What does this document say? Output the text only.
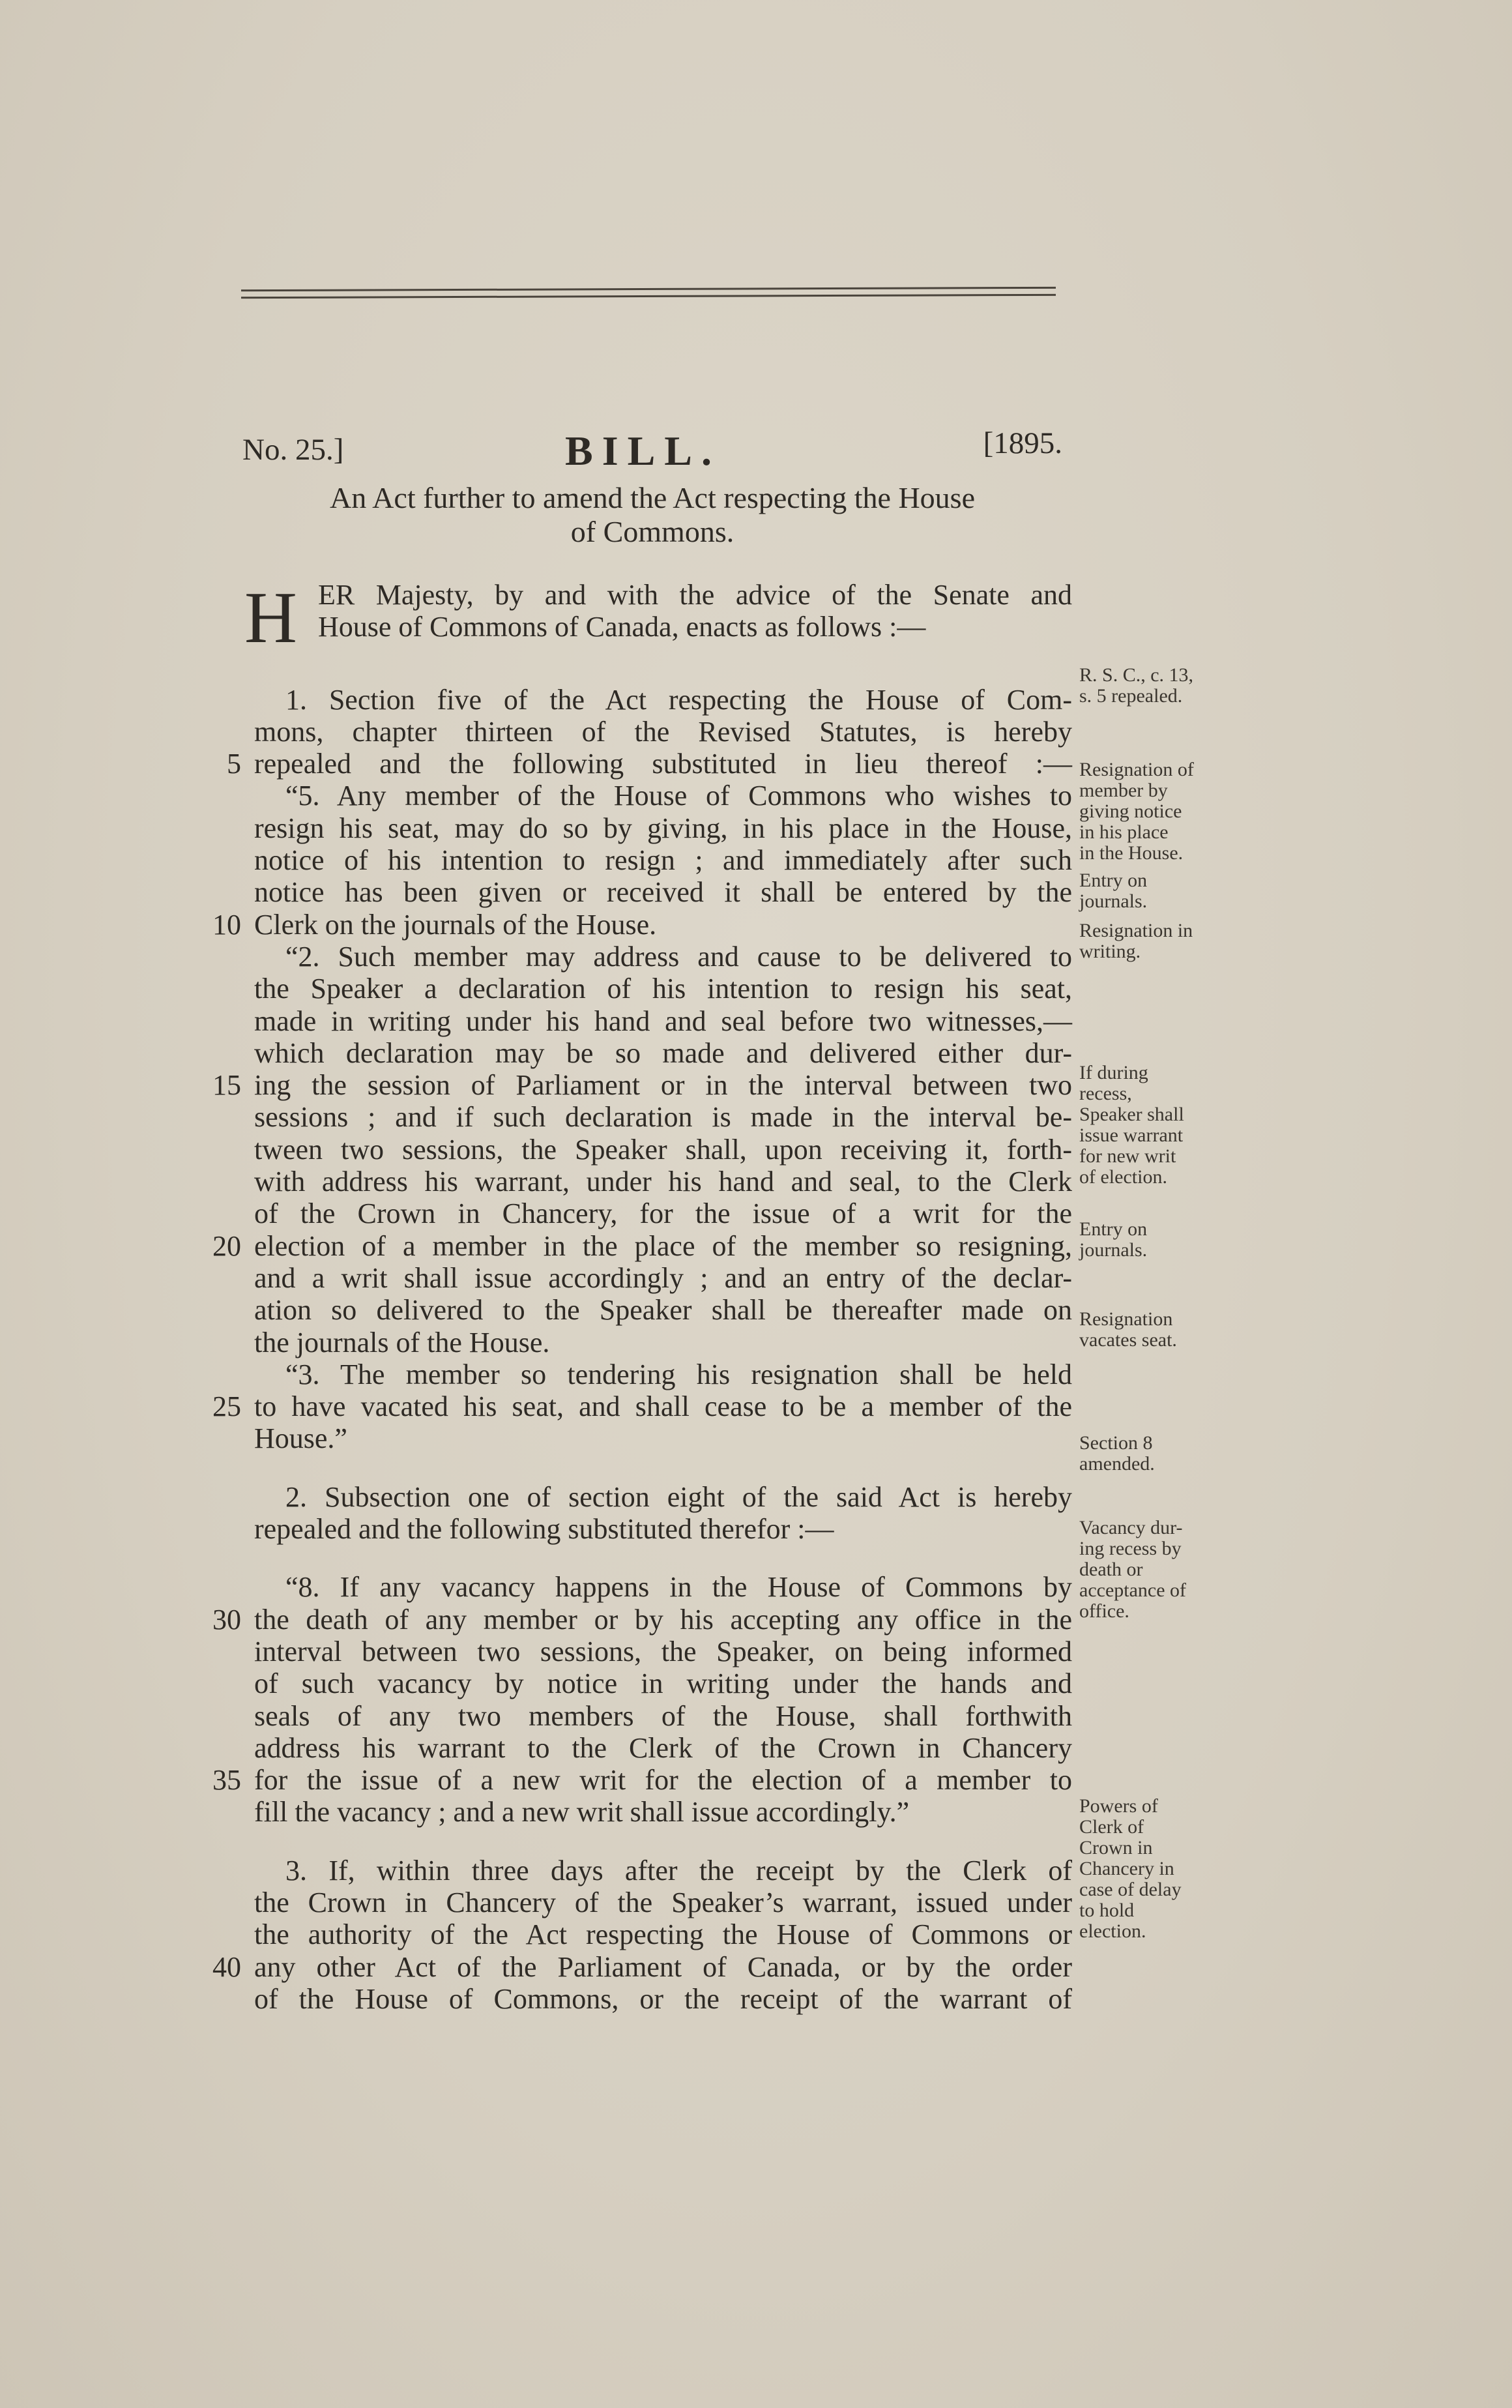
No. 25.]	BILL.	[1895.
An Act further to amend the Act respecting the House
of Commons.
H ER Majesty, by and with the advice of the Senate and
House of Commons of Canada, enacts as follows :—
1. Section five of the Act respecting the House of Com-
mons, chapter thirteen of the Revised Statutes, is hereby
5 repealed and the following substituted in lieu thereof :—
“5. Any member of the House of Commons who wishes to
resign his seat, may do so by giving, in his place in the House,
notice of his intention to resign ; and immediately after such
notice has been given or received it shall be entered by the
10 Clerk on the journals of the House.
“2. Such member may address and cause to be delivered to
the Speaker a declaration of his intention to resign his seat,
made in writing under his hand and seal before two witnesses,—
which declaration may be so made and delivered either dur-
15 ing the session of Parliament or in the interval between two
sessions ; and if such declaration is made in the interval be-
tween two sessions, the Speaker shall, upon receiving it, forth-
with address his warrant, under his hand and seal, to the Clerk
of the Crown in Chancery, for the issue of a writ for the
20 election of a member in the place of the member so resigning,
and a writ shall issue accordingly ; and an entry of the declar-
ation so delivered to the Speaker shall be thereafter made on
the journals of the House.
“3. The member so tendering his resignation shall be held
25 to have vacated his seat, and shall cease to be a member of the
House.”
2. Subsection one of section eight of the said Act is hereby
repealed and the following substituted therefor :—
“8. If any vacancy happens in the House of Commons by
30 the death of any member or by his accepting any office in the
interval between two sessions, the Speaker, on being informed
of such vacancy by notice in writing under the hands and
seals of any two members of the House, shall forthwith
address his warrant to the Clerk of the Crown in Chancery
35 for the issue of a new writ for the election of a member to
fill the vacancy ; and a new writ shall issue accordingly.”
3. If, within three days after the receipt by the Clerk of
the Crown in Chancery of the Speaker’s warrant, issued under
the authority of the Act respecting the House of Commons or
40 any other Act of the Parliament of Canada, or by the order
of the House of Commons, or the receipt of the warrant of
R. S. C., c. 13,
s. 5 repealed.
Resignation of
member by
giving notice
in his place
in the House.
Entry on
journals.
Resignation in
writing.
If during
recess,
Speaker shall
issue warrant
for new writ
of election.
Entry on
journals.
Resignation
vacates seat.
Section 8
amended.
Vacancy dur-
ing recess by
death or
acceptance of
office.
Powers of
Clerk of
Crown in
Chancery in
case of delay
to hold
election.
